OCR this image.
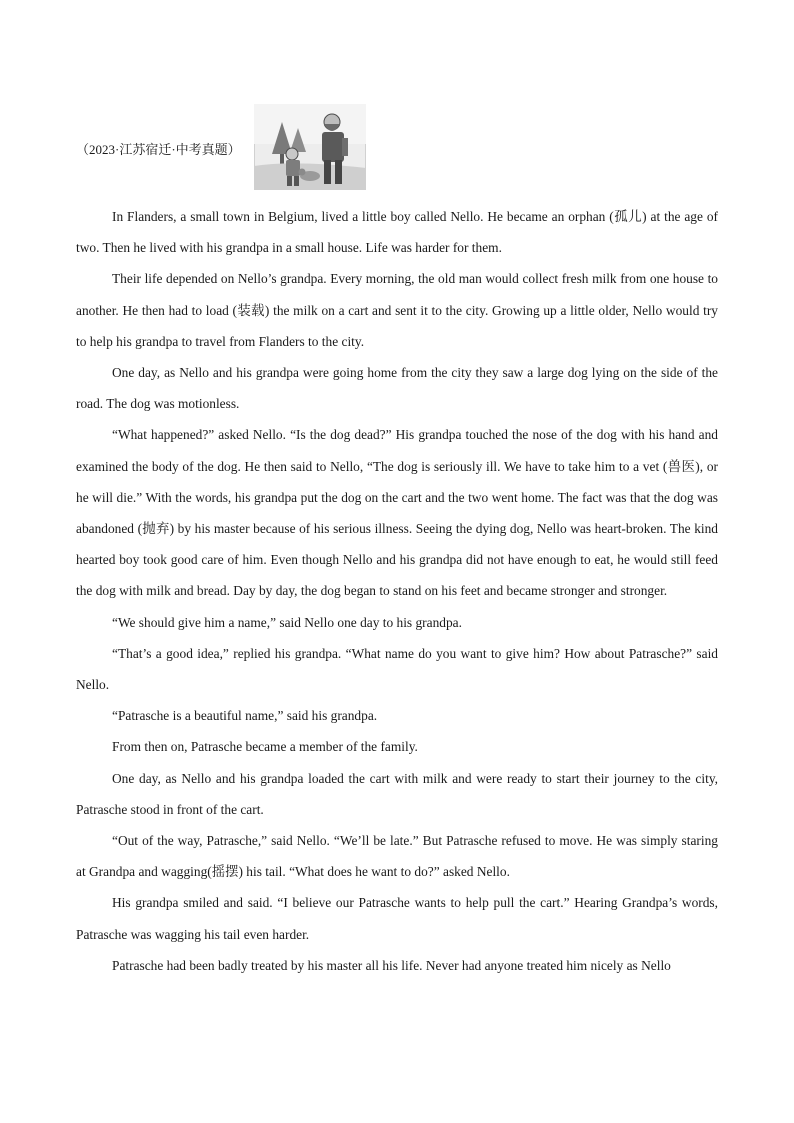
（2023·江苏宿迁·中考真题）

In Flanders, a small town in Belgium, lived a little boy called Nello. He became an orphan (孤儿) at the age of two. Then he lived with his grandpa in a small house. Life was harder for them.

Their life depended on Nello’s grandpa. Every morning, the old man would collect fresh milk from one house to another. He then had to load (装载) the milk on a cart and sent it to the city. Growing up a little older, Nello would try to help his grandpa to travel from Flanders to the city.

One day, as Nello and his grandpa were going home from the city they saw a large dog lying on the side of the road. The dog was motionless.

“What happened?” asked Nello. “Is the dog dead?” His grandpa touched the nose of the dog with his hand and examined the body of the dog. He then said to Nello, “The dog is seriously ill. We have to take him to a vet (兽医), or he will die.” With the words, his grandpa put the dog on the cart and the two went home. The fact was that the dog was abandoned (抛弃) by his master because of his serious illness. Seeing the dying dog, Nello was heart-broken. The kind hearted boy took good care of him. Even though Nello and his grandpa did not have enough to eat, he would still feed the dog with milk and bread. Day by day, the dog began to stand on his feet and became stronger and stronger.

“We should give him a name,” said Nello one day to his grandpa.

“That’s a good idea,” replied his grandpa. “What name do you want to give him? How about Patrasche?” said Nello.

“Patrasche is a beautiful name,” said his grandpa.

From then on, Patrasche became a member of the family.

One day, as Nello and his grandpa loaded the cart with milk and were ready to start their journey to the city, Patrasche stood in front of the cart.

“Out of the way, Patrasche,” said Nello. “We’ll be late.” But Patrasche refused to move. He was simply staring at Grandpa and wagging(摇摆) his tail. “What does he want to do?” asked Nello.

His grandpa smiled and said. “I believe our Patrasche wants to help pull the cart.” Hearing Grandpa’s words, Patrasche was wagging his tail even harder.

Patrasche had been badly treated by his master all his life. Never had anyone treated him nicely as Nello
